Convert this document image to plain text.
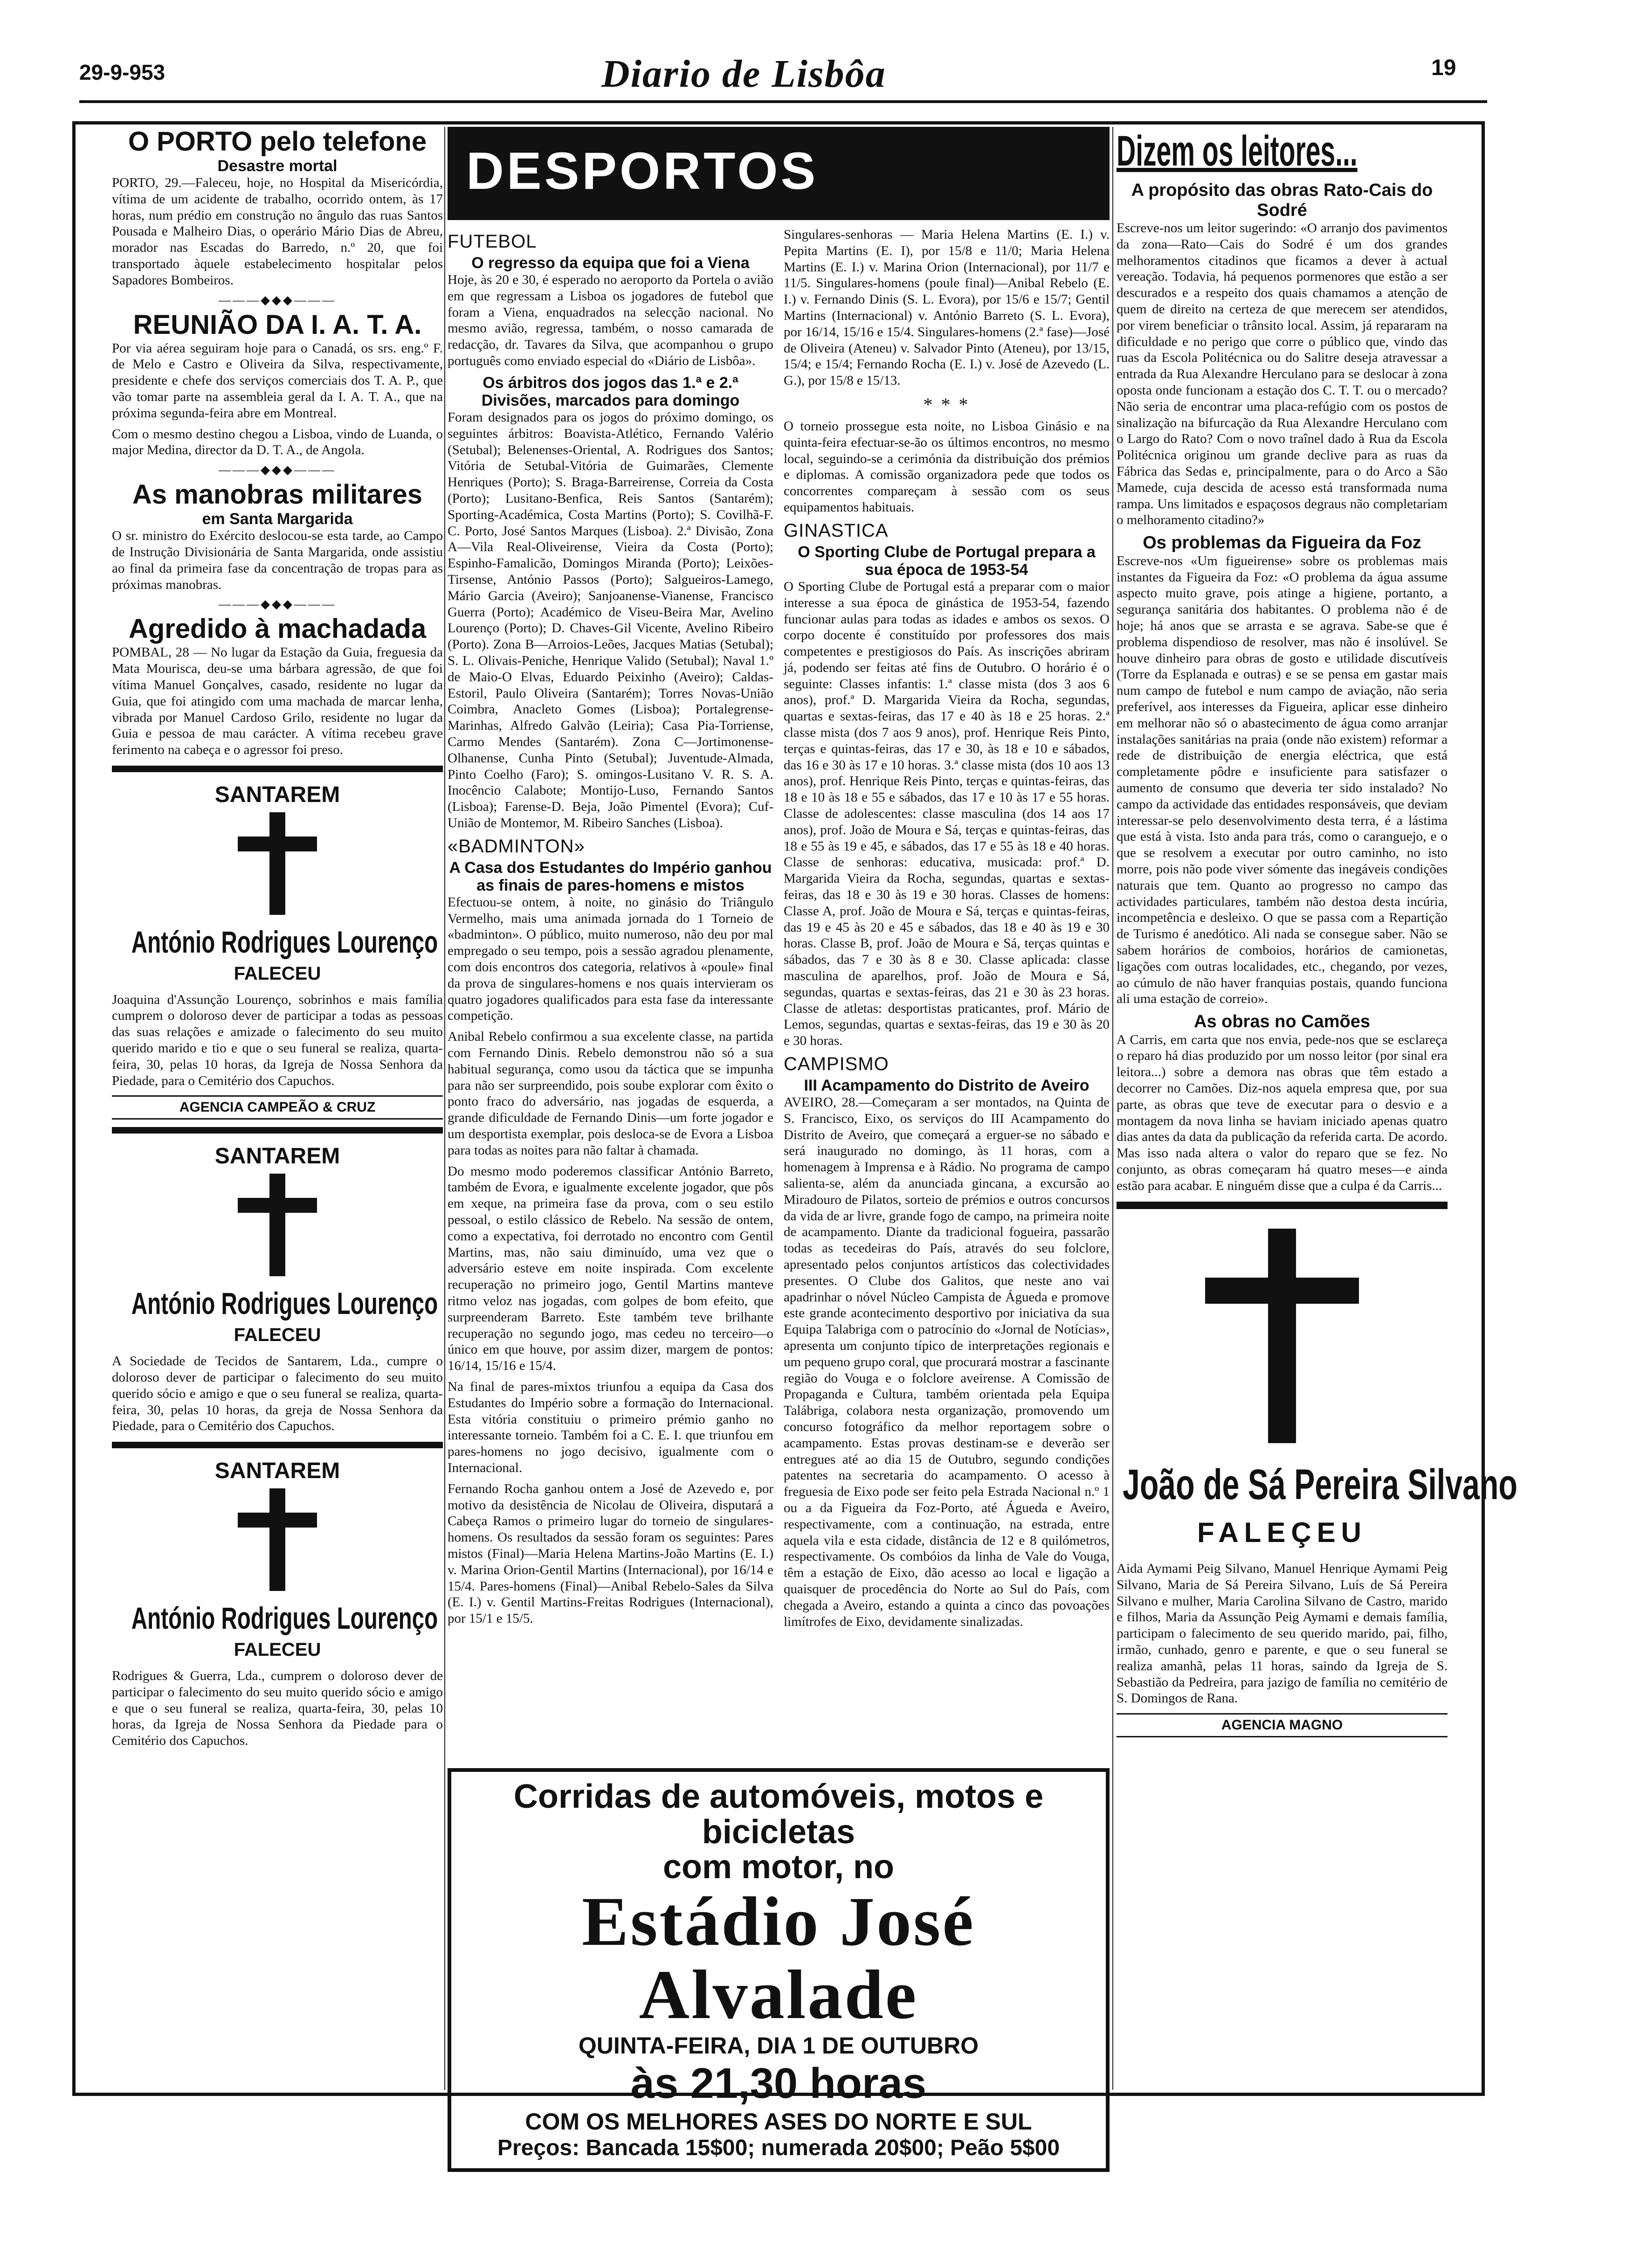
29-9-953	Diario de Lisbôa	19

O PORTO pelo telefone

Desastre mortal

PORTO, 29.—Faleceu, hoje, no Hospital da Misericórdia, vítima de um acidente de trabalho, ocorrido ontem, às 17 horas, num prédio em construção no ângulo das ruas Santos Pousada e Malheiro Dias, o operário Mário Dias de Abreu, morador nas Escadas do Barredo, n.º 20, que foi transportado àquele estabelecimento hospitalar pelos Sapadores Bombeiros.

———◆◆◆———

REUNIÃO DA I. A. T. A.

Por via aérea seguiram hoje para o Canadá, os srs. eng.º F. de Melo e Castro e Oliveira da Silva, respectivamente, presidente e chefe dos serviços comerciais dos T. A. P., que vão tomar parte na assembleia geral da I. A. T. A., que na próxima segunda-feira abre em Montreal.

Com o mesmo destino chegou a Lisboa, vindo de Luanda, o major Medina, director da D. T. A., de Angola.

———◆◆◆———

As manobras militares

em Santa Margarida

O sr. ministro do Exército deslocou-se esta tarde, ao Campo de Instrução Divisionária de Santa Margarida, onde assistiu ao final da primeira fase da concentração de tropas para as próximas manobras.

———◆◆◆———

Agredido à machadada

POMBAL, 28 — No lugar da Estação da Guia, freguesia da Mata Mourisca, deu-se uma bárbara agressão, de que foi vítima Manuel Gonçalves, casado, residente no lugar da Guia, que foi atingido com uma machada de marcar lenha, vibrada por Manuel Cardoso Grilo, residente no lugar da Guia e pessoa de mau carácter. A vítima recebeu grave ferimento na cabeça e o agressor foi preso.

SANTAREM

António Rodrigues Lourenço
FALECEU

Joaquina d'Assunção Lourenço, sobrinhos e mais família cumprem o doloroso dever de participar a todas as pessoas das suas relações e amizade o falecimento do seu muito querido marido e tio e que o seu funeral se realiza, quarta-feira, 30, pelas 10 horas, da Igreja de Nossa Senhora da Piedade, para o Cemitério dos Capuchos.

AGENCIA CAMPEÃO & CRUZ

SANTAREM

António Rodrigues Lourenço
FALECEU

A Sociedade de Tecidos de Santarem, Lda., cumpre o doloroso dever de participar o falecimento do seu muito querido sócio e amigo e que o seu funeral se realiza, quarta-feira, 30, pelas 10 horas, da greja de Nossa Senhora da Piedade, para o Cemitério dos Capuchos.

SANTAREM

António Rodrigues Lourenço
FALECEU

Rodrigues & Guerra, Lda., cumprem o doloroso dever de participar o falecimento do seu muito querido sócio e amigo e que o seu funeral se realiza, quarta-feira, 30, pelas 10 horas, da Igreja de Nossa Senhora da Piedade para o Cemitério dos Capuchos.

DESPORTOS
FUTEBOL

O regresso da equipa que foi a Viena

Hoje, às 20 e 30, é esperado no aeroporto da Portela o avião em que regressam a Lisboa os jogadores de futebol que foram a Viena, enquadrados na selecção nacional. No mesmo avião, regressa, também, o nosso camarada de redacção, dr. Tavares da Silva, que acompanhou o grupo português como enviado especial do «Diário de Lisbôa».

Os árbitros dos jogos das 1.ª e 2.ª Divisões, marcados para domingo

Foram designados para os jogos do próximo domingo, os seguintes árbitros: Boavista-Atlético, Fernando Valério (Setubal); Belenenses-Oriental, A. Rodrigues dos Santos; Vitória de Setubal-Vitória de Guimarães, Clemente Henriques (Porto); S. Braga-Barreirense, Correia da Costa (Porto); Lusitano-Benfica, Reis Santos (Santarém); Sporting-Académica, Costa Martins (Porto); S. Covilhã-F. C. Porto, José Santos Marques (Lisboa). 2.ª Divisão, Zona A—Vila Real-Oliveirense, Vieira da Costa (Porto); Espinho-Famalicão, Domingos Miranda (Porto); Leixões-Tirsense, António Passos (Porto); Salgueiros-Lamego, Mário Garcia (Aveiro); Sanjoanense-Vianense, Francisco Guerra (Porto); Académico de Viseu-Beira Mar, Avelino Lourenço (Porto); D. Chaves-Gil Vicente, Avelino Ribeiro (Porto). Zona B—Arroios-Leões, Jacques Matias (Setubal); S. L. Olivais-Peniche, Henrique Valido (Setubal); Naval 1.º de Maio-O Elvas, Eduardo Peixinho (Aveiro); Caldas-Estoril, Paulo Oliveira (Santarém); Torres Novas-União Coimbra, Anacleto Gomes (Lisboa); Portalegrense-Marinhas, Alfredo Galvão (Leiria); Casa Pia-Torriense, Carmo Mendes (Santarém). Zona C—Jortimonense-Olhanense, Cunha Pinto (Setubal); Juventude-Almada, Pinto Coelho (Faro); S. omingos-Lusitano V. R. S. A. Inocêncio Calabote; Montijo-Luso, Fernando Santos (Lisboa); Farense-D. Beja, João Pimentel (Evora); Cuf-União de Montemor, M. Ribeiro Sanches (Lisboa).

«BADMINTON»

A Casa dos Estudantes do Império ganhou as finais de pares-homens e mistos

Efectuou-se ontem, à noite, no ginásio do Triângulo Vermelho, mais uma animada jornada do 1 Torneio de «badminton». O público, muito numeroso, não deu por mal empregado o seu tempo, pois a sessão agradou plenamente, com dois encontros dos categoria, relativos à «poule» final da prova de singulares-homens e nos quais intervieram os quatro jogadores qualificados para esta fase da interessante competição.

Anibal Rebelo confirmou a sua excelente classe, na partida com Fernando Dinis. Rebelo demonstrou não só a sua habitual segurança, como usou da táctica que se impunha para não ser surpreendido, pois soube explorar com êxito o ponto fraco do adversário, nas jogadas de esquerda, a grande dificuldade de Fernando Dinis—um forte jogador e um desportista exemplar, pois desloca-se de Evora a Lisboa para todas as noites para não faltar à chamada.

Do mesmo modo poderemos classificar António Barreto, também de Evora, e igualmente excelente jogador, que pôs em xeque, na primeira fase da prova, com o seu estilo pessoal, o estilo clássico de Rebelo. Na sessão de ontem, como a expectativa, foi derrotado no encontro com Gentil Martins, mas, não saiu diminuído, uma vez que o adversário esteve em noite inspirada. Com excelente recuperação no primeiro jogo, Gentil Martins manteve ritmo veloz nas jogadas, com golpes de bom efeito, que surpreenderam Barreto. Este também teve brilhante recuperação no segundo jogo, mas cedeu no terceiro—o único em que houve, por assim dizer, margem de pontos: 16/14, 15/16 e 15/4.

Na final de pares-mixtos triunfou a equipa da Casa dos Estudantes do Império sobre a formação do Internacional. Esta vitória constituiu o primeiro prémio ganho no interessante torneio. Também foi a C. E. I. que triunfou em pares-homens no jogo decisivo, igualmente com o Internacional.

Fernando Rocha ganhou ontem a José de Azevedo e, por motivo da desistência de Nicolau de Oliveira, disputará a Cabeça Ramos o primeiro lugar do torneio de singulares-homens. Os resultados da sessão foram os seguintes: Pares mistos (Final)—Maria Helena Martins-João Martins (E. I.) v. Marina Orion-Gentil Martins (Internacional), por 16/14 e 15/4. Pares-homens (Final)—Anibal Rebelo-Sales da Silva (E. I.) v. Gentil Martins-Freitas Rodrigues (Internacional), por 15/1 e 15/5.

Singulares-senhoras — Maria Helena Martins (E. I.) v. Pepita Martins (E. I), por 15/8 e 11/0; Maria Helena Martins (E. I.) v. Marina Orion (Internacional), por 11/7 e 11/5. Singulares-homens (poule final)—Anibal Rebelo (E. I.) v. Fernando Dinis (S. L. Evora), por 15/6 e 15/7; Gentil Martins (Internacional) v. António Barreto (S. L. Evora), por 16/14, 15/16 e 15/4. Singulares-homens (2.ª fase)—José de Oliveira (Ateneu) v. Salvador Pinto (Ateneu), por 13/15, 15/4; e 15/4; Fernando Rocha (E. I.) v. José de Azevedo (L. G.), por 15/8 e 15/13.

* * *

O torneio prossegue esta noite, no Lisboa Ginásio e na quinta-feira efectuar-se-ão os últimos encontros, no mesmo local, seguindo-se a cerimónia da distribuição dos prémios e diplomas. A comissão organizadora pede que todos os concorrentes compareçam à sessão com os seus equipamentos habituais.

GINASTICA

O Sporting Clube de Portugal prepara a sua época de 1953-54

O Sporting Clube de Portugal está a preparar com o maior interesse a sua época de ginástica de 1953-54, fazendo funcionar aulas para todas as idades e ambos os sexos. O corpo docente é constituído por professores dos mais competentes e prestigiosos do País. As inscrições abriram já, podendo ser feitas até fins de Outubro. O horário é o seguinte: Classes infantis: 1.ª classe mista (dos 3 aos 6 anos), prof.ª D. Margarida Vieira da Rocha, segundas, quartas e sextas-feiras, das 17 e 40 às 18 e 25 horas. 2.ª classe mista (dos 7 aos 9 anos), prof. Henrique Reis Pinto, terças e quintas-feiras, das 17 e 30, às 18 e 10 e sábados, das 16 e 30 às 17 e 10 horas. 3.ª classe mista (dos 10 aos 13 anos), prof. Henrique Reis Pinto, terças e quintas-feiras, das 18 e 10 às 18 e 55 e sábados, das 17 e 10 às 17 e 55 horas. Classe de adolescentes: classe masculina (dos 14 aos 17 anos), prof. João de Moura e Sá, terças e quintas-feiras, das 18 e 55 às 19 e 45, e sábados, das 17 e 55 às 18 e 40 horas. Classe de senhoras: educativa, musicada: prof.ª D. Margarida Vieira da Rocha, segundas, quartas e sextas-feiras, das 18 e 30 às 19 e 30 horas. Classes de homens: Classe A, prof. João de Moura e Sá, terças e quintas-feiras, das 19 e 45 às 20 e 45 e sábados, das 18 e 40 às 19 e 30 horas. Classe B, prof. João de Moura e Sá, terças quintas e sábados, das 7 e 30 às 8 e 30. Classe aplicada: classe masculina de aparelhos, prof. João de Moura e Sá, segundas, quartas e sextas-feiras, das 21 e 30 às 23 horas. Classe de atletas: desportistas praticantes, prof. Mário de Lemos, segundas, quartas e sextas-feiras, das 19 e 30 às 20 e 30 horas.

CAMPISMO

III Acampamento do Distrito de Aveiro

AVEIRO, 28.—Começaram a ser montados, na Quinta de S. Francisco, Eixo, os serviços do III Acampamento do Distrito de Aveiro, que começará a erguer-se no sábado e será inaugurado no domingo, às 11 horas, com a homenagem à Imprensa e à Rádio. No programa de campo salienta-se, além da anunciada gincana, a excursão ao Miradouro de Pilatos, sorteio de prémios e outros concursos da vida de ar livre, grande fogo de campo, na primeira noite de acampamento. Diante da tradicional fogueira, passarão todas as tecedeiras do País, através do seu folclore, apresentado pelos conjuntos artísticos das colectividades presentes. O Clube dos Galitos, que neste ano vai apadrinhar o nóvel Núcleo Campista de Águeda e promove este grande acontecimento desportivo por iniciativa da sua Equipa Talabriga com o patrocínio do «Jornal de Notícias», apresenta um conjunto típico de interpretações regionais e um pequeno grupo coral, que procurará mostrar a fascinante região do Vouga e o folclore aveirense. A Comissão de Propaganda e Cultura, também orientada pela Equipa Talábriga, colabora nesta organização, promovendo um concurso fotográfico da melhor reportagem sobre o acampamento. Estas provas destinam-se e deverão ser entregues até ao dia 15 de Outubro, segundo condições patentes na secretaria do acampamento. O acesso à freguesia de Eixo pode ser feito pela Estrada Nacional n.º 1 ou a da Figueira da Foz-Porto, até Águeda e Aveiro, respectivamente, com a continuação, na estrada, entre aquela vila e esta cidade, distância de 12 e 8 quilómetros, respectivamente. Os combóios da linha de Vale do Vouga, têm a estação de Eixo, dão acesso ao local e ligação a quaisquer de procedência do Norte ao Sul do País, com chegada a Aveiro, estando a quinta a cinco das povoações limítrofes de Eixo, devidamente sinalizadas.

Corridas de automóveis, motos e bicicletas
com motor, no
Estádio José Alvalade
QUINTA-FEIRA, DIA 1 DE OUTUBRO
às 21,30 horas
COM OS MELHORES ASES DO NORTE E SUL
Preços: Bancada 15$00; numerada 20$00; Peão 5$00
Dizem os leitores...

A propósito das obras Rato-Cais do Sodré

Escreve-nos um leitor sugerindo: «O arranjo dos pavimentos da zona—Rato—Cais do Sodré é um dos grandes melhoramentos citadinos que ficamos a dever à actual vereação. Todavia, há pequenos pormenores que estão a ser descurados e a respeito dos quais chamamos a atenção de quem de direito na certeza de que merecem ser atendidos, por virem beneficiar o trânsito local. Assim, já repararam na dificuldade e no perigo que corre o público que, vindo das ruas da Escola Politécnica ou do Salitre deseja atravessar a entrada da Rua Alexandre Herculano para se deslocar à zona oposta onde funcionam a estação dos C. T. T. ou o mercado? Não seria de encontrar uma placa-refúgio com os postos de sinalização na bifurcação da Rua Alexandre Herculano com o Largo do Rato? Com o novo traînel dado à Rua da Escola Politécnica originou um grande declive para as ruas da Fábrica das Sedas e, principalmente, para o do Arco a São Mamede, cuja descida de acesso está transformada numa rampa. Uns limitados e espaçosos degraus não completariam o melhoramento citadino?»

Os problemas da Figueira da Foz

Escreve-nos «Um figueirense» sobre os problemas mais instantes da Figueira da Foz: «O problema da água assume aspecto muito grave, pois atinge a higiene, portanto, a segurança sanitária dos habitantes. O problema não é de hoje; há anos que se arrasta e se agrava. Sabe-se que é problema dispendioso de resolver, mas não é insolúvel. Se houve dinheiro para obras de gosto e utilidade discutíveis (Torre da Esplanada e outras) e se se pensa em gastar mais num campo de futebol e num campo de aviação, não seria preferível, aos interesses da Figueira, aplicar esse dinheiro em melhorar não só o abastecimento de água como arranjar instalações sanitárias na praia (onde não existem) reformar a rede de distribuição de energia eléctrica, que está completamente pôdre e insuficiente para satisfazer o aumento de consumo que deveria ter sido instalado? No campo da actividade das entidades responsáveis, que deviam interessar-se pelo desenvolvimento desta terra, é a lástima que está à vista. Isto anda para trás, como o caranguejo, e o que se resolvem a executar por outro caminho, no isto morre, pois não pode viver sómente das inegáveis condições naturais que tem. Quanto ao progresso no campo das actividades particulares, também não destoa desta incúria, incompetência e desleixo. O que se passa com a Repartição de Turismo é anedótico. Ali nada se consegue saber. Não se sabem horários de comboios, horários de camionetas, ligações com outras localidades, etc., chegando, por vezes, ao cúmulo de não haver franquias postais, quando funciona ali uma estação de correio».

As obras no Camões

A Carris, em carta que nos envia, pede-nos que se esclareça o reparo há dias produzido por um nosso leitor (por sinal era leitora...) sobre a demora nas obras que têm estado a decorrer no Camões. Diz-nos aquela empresa que, por sua parte, as obras que teve de executar para o desvio e a montagem da nova linha se haviam iniciado apenas quatro dias antes da data da publicação da referida carta. De acordo. Mas isso nada altera o valor do reparo que se fez. No conjunto, as obras começaram há quatro meses—e ainda estão para acabar. E ninguém disse que a culpa é da Carris...

João de Sá Pereira Silvano
FALEÇEU

Aida Aymami Peig Silvano, Manuel Henrique Aymami Peig Silvano, Maria de Sá Pereira Silvano, Luís de Sá Pereira Silvano e mulher, Maria Carolina Silvano de Castro, marido e filhos, Maria da Assunção Peig Aymami e demais família, participam o falecimento de seu querido marido, pai, filho, irmão, cunhado, genro e parente, e que o seu funeral se realiza amanhã, pelas 11 horas, saindo da Igreja de S. Sebastião da Pedreira, para jazigo de família no cemitério de S. Domingos de Rana.

AGENCIA MAGNO
